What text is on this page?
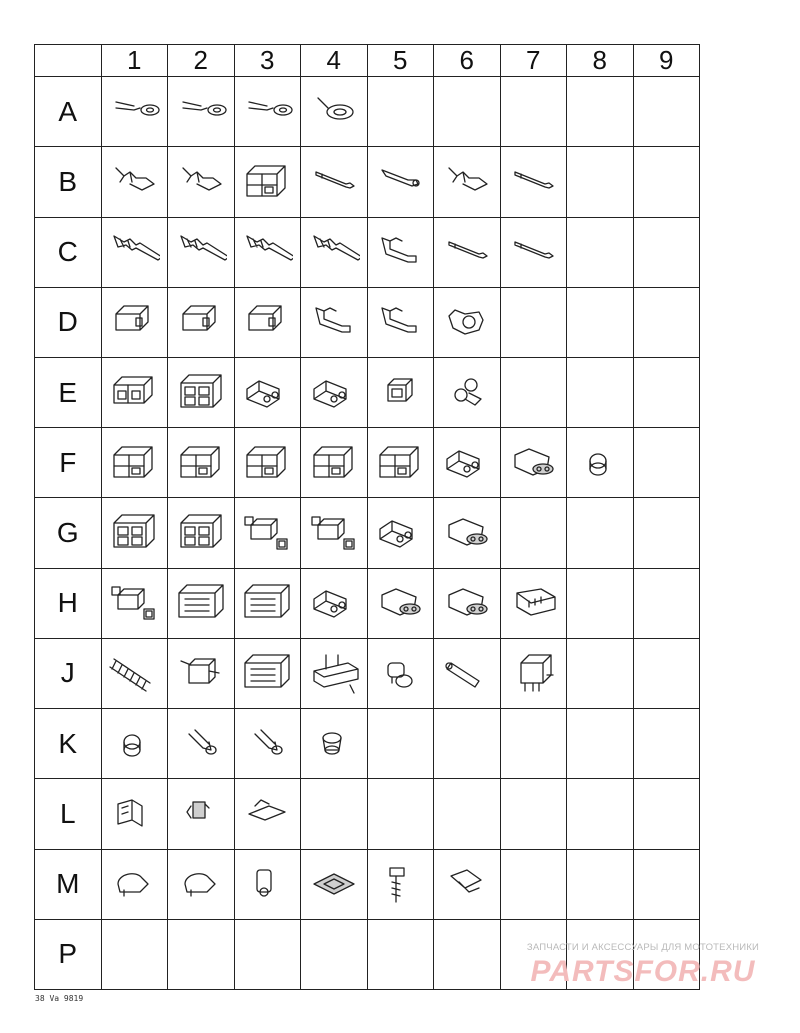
	1	2	3	4	5	6	7	8	9
A	

B	

C	

D	

E	

F	

G	

H	

J	

K	

L	

M	

P									
38 Va 9819
ЗАПЧАСТИ И АКСЕССУАРЫ ДЛЯ МОТОТЕХНИКИ
PARTSFOR.RU
